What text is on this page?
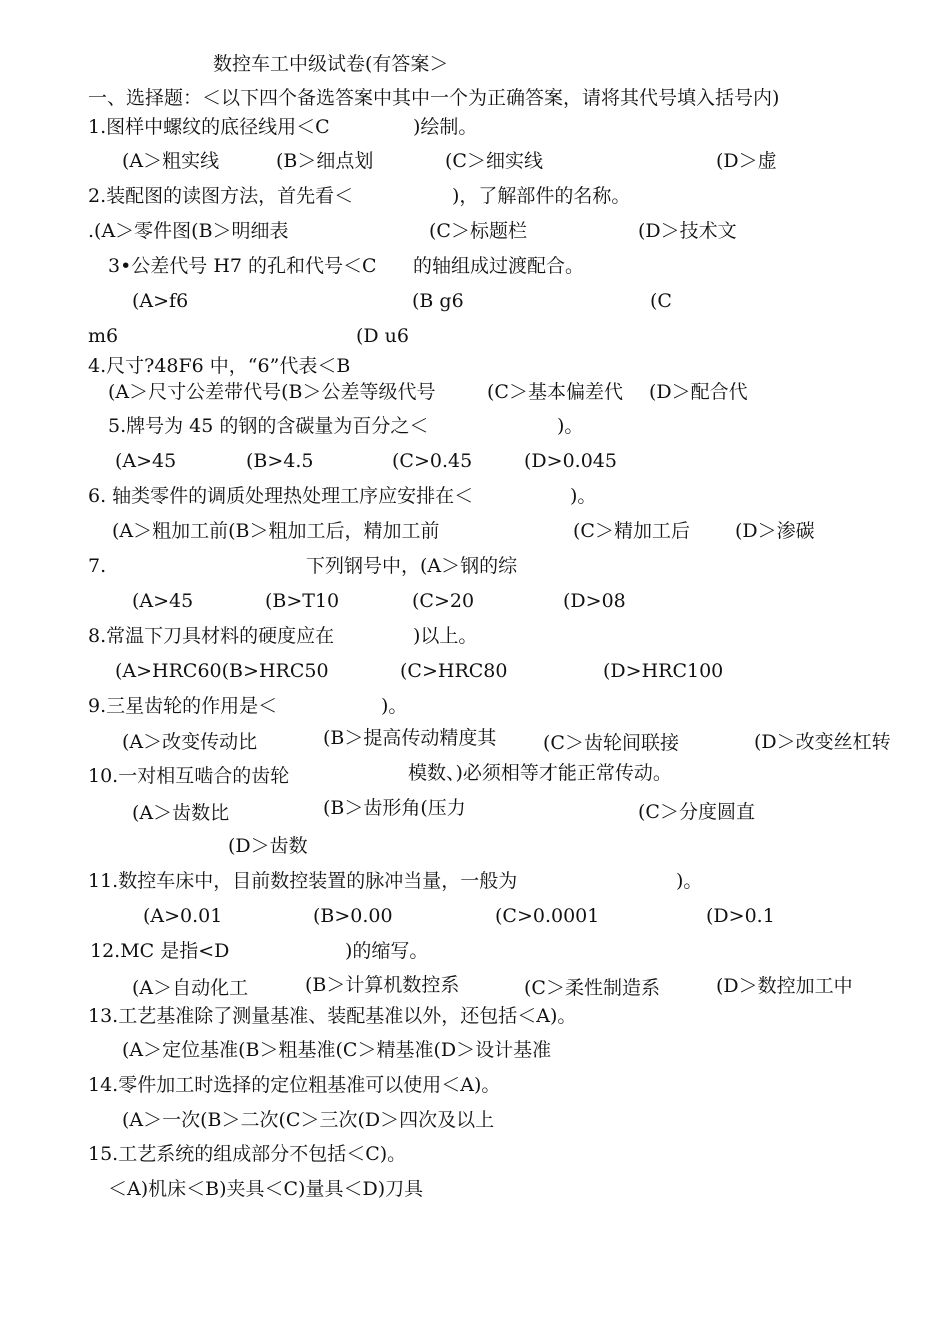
数控车工中级试卷(有答案＞
一、选择题：＜以下四个备选答案中其中一个为正确答案，请将其代号填入括号内)
1.图样中螺纹的底径线用＜C	)绘制。
(A＞粗实线	(B＞细点划	(C＞细实线	(D＞虚
2.装配图的读图方法，首先看＜	)，了解部件的名称。
.(A＞零件图(B＞明细表	(C＞标题栏	(D＞技术文
3•公差代号 H7 的孔和代号＜C 的轴组成过渡配合。
(A>f6	(B g6	(C
m6	(D u6
4.尺寸?48F6 中，“6”代表＜B
(A＞尺寸公差带代号(B＞公差等级代号	(C＞基本偏差代 (D＞配合代
5.牌号为 45 的钢的含碳量为百分之＜	)。
(A>45	(B>4.5	(C>0.45	(D>0.045
6. 轴类零件的调质处理热处理工序应安排在＜	)。
(A＞粗加工前(B＞粗加工后，精加工前	(C＞精加工后 (D＞渗碳
7.	下列钢号中，(A＞钢的综
(A>45	(B>T10	(C>20	(D>08
8.常温下刀具材料的硬度应在	)以上。
(A>HRC60(B>HRC50	(C>HRC80	(D>HRC100
9.三星齿轮的作用是＜	)。
(A＞改变传动比	(B＞提高传动精度其 (C＞齿轮间联接	(D＞改变丝杠转
10.一对相互啮合的齿轮	模数、)必须相等才能正常传动。
(A＞齿数比	(B＞齿形角(压力	(C＞分度圆直
(D＞齿数
11.数控车床中，目前数控装置的脉冲当量，一般为	)。
(A>0.01	(B>0.00	(C>0.0001	(D>0.1
12.MC 是指<D	)的缩写。
(A＞自动化工	(B＞计算机数控系	(C＞柔性制造系	(D＞数控加工中
13.工艺基准除了测量基准、装配基准以外，还包括＜A)。
(A＞定位基准(B＞粗基准(C＞精基准(D＞设计基准
14.零件加工时选择的定位粗基准可以使用＜A)。
(A＞一次(B＞二次(C＞三次(D＞四次及以上
15.工艺系统的组成部分不包括＜C)。
＜A)机床＜B)夹具＜C)量具＜D)刀具
